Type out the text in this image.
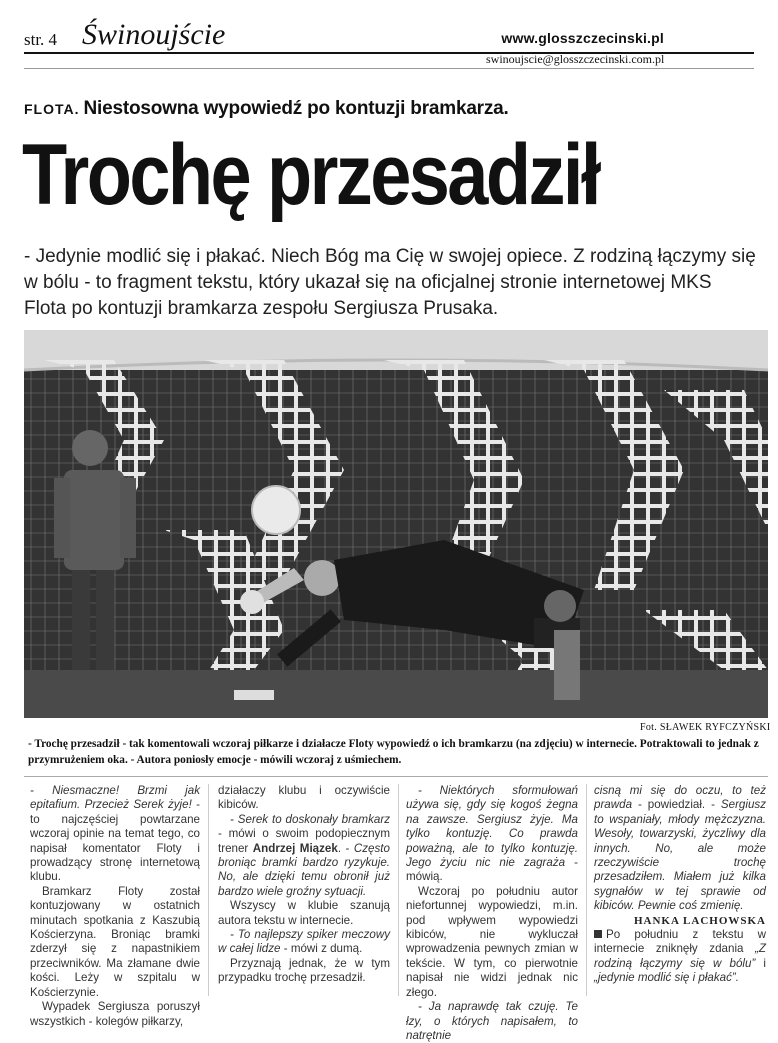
str. 4 Świnoujście	www.glosszczecinski.pl
swinoujscie@glosszczecinski.com.pl
FLOTA. Niestosowna wypowiedź po kontuzji bramkarza.
Trochę przesadził

- Jedynie modlić się i płakać. Niech Bóg ma Cię w swojej opiece. Z rodziną łączymy się w bólu - to fragment tekstu, który ukazał się na oficjalnej stronie internetowej MKS Flota po kontuzji bramkarza zespołu Sergiusza Prusaka.

Fot. SŁAWEK RYFCZYŃSKI

- Trochę przesadził - tak komentowali wczoraj piłkarze i działacze Floty wypowiedź o ich bramkarzu (na zdjęciu) w internecie. Potraktowali to jednak z przymrużeniem oka. - Autora poniosły emocje - mówili wczoraj z uśmiechem.

- Niesmaczne! Brzmi jak epitafium. Przecież Serek żyje! - to najczęściej powtarzane wczoraj opinie na temat tego, co napisał komentator Floty i prowadzący stronę internetową klubu.

Bramkarz Floty został kontuzjowany w ostatnich minutach spotkania z Kaszubią Kościerzyna. Broniąc bramki zderzył się z napastnikiem przeciwników. Ma złamane dwie kości. Leży w szpitalu w Kościerzynie.

Wypadek Sergiusza poruszył wszystkich - kolegów piłkarzy,

działaczy klubu i oczywiście kibiców.

- Serek to doskonały bramkarz - mówi o swoim podopiecznym trener Andrzej Miązek. - Często broniąc bramki bardzo ryzykuje. No, ale dzięki temu obronił już bardzo wiele groźny sytuacji.

Wszyscy w klubie szanują autora tekstu w internecie.

- To najlepszy spiker meczowy w całej lidze - mówi z dumą.

Przyznają jednak, że w tym przypadku trochę przesadził.

- Niektórych sformułowań używa się, gdy się kogoś żegna na zawsze. Sergiusz żyje. Ma tylko kontuzję. Co prawda poważną, ale to tylko kontuzję. Jego życiu nic nie zagraża - mówią.

Wczoraj po południu autor niefortunnej wypowiedzi, m.in. pod wpływem wypowiedzi kibiców, nie wykluczał wprowadzenia pewnych zmian w tekście. W tym, co pierwotnie napisał nie widzi jednak nic złego.

- Ja naprawdę tak czuję. Te łzy, o których napisałem, to natrętnie

cisną mi się do oczu, to też prawda - powiedział. - Sergiusz to wspaniały, młody mężczyzna. Wesoły, towarzyski, życzliwy dla innych. No, ale może rzeczywiście trochę przesadziłem. Miałem już kilka sygnałów w tej sprawie od kibiców. Pewnie coś zmienię.

HANKA LACHOWSKA

Po południu z tekstu w internecie zniknęły zdania „Z rodziną łączymy się w bólu” i „jedynie modlić się i płakać”.
